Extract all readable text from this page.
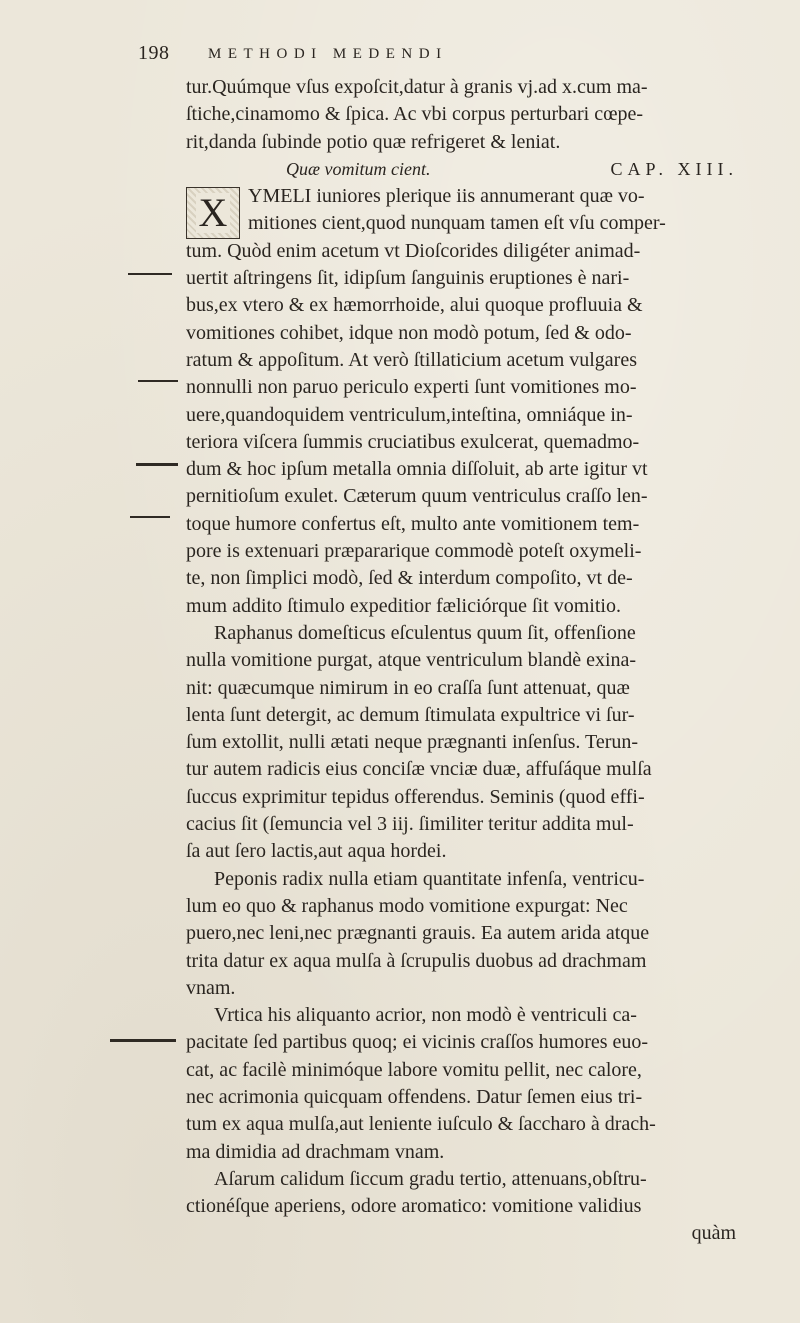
198	METHODI MEDENDI
tur.Quúmque vſus expoſcit,datur à granis vj.ad x.cum ma-
ſtiche,cinamomo & ſpica. Ac vbi corpus perturbari cœpe-
rit,danda ſubinde potio quæ refrigeret & leniat.
Quæ vomitum cient.	CAP. XIII.
X YMELI iuniores plerique iis annumerant quæ vo-
mitiones cient,quod nunquam tamen eſt vſu comper-
tum. Quòd enim acetum vt Dioſcorides diligéter animad-
uertit aſtringens ſit, idipſum ſanguinis eruptiones è nari-
bus,ex vtero & ex hæmorrhoide, alui quoque profluuia &
vomitiones cohibet, idque non modò potum, ſed & odo-
ratum & appoſitum. At verò ſtillaticium acetum vulgares
nonnulli non paruo periculo experti ſunt vomitiones mo-
uere,quandoquidem ventriculum,inteſtina, omniáque in-
teriora viſcera ſummis cruciatibus exulcerat, quemadmo-
dum & hoc ipſum metalla omnia diſſoluit, ab arte igitur vt
pernitioſum exulet. Cæterum quum ventriculus craſſo len-
toque humore confertus eſt, multo ante vomitionem tem-
pore is extenuari præpararique commodè poteſt oxymeli-
te, non ſimplici modò, ſed & interdum compoſito, vt de-
mum addito ſtimulo expeditior fæliciórque ſit vomitio.
Raphanus domeſticus eſculentus quum ſit, offenſione
nulla vomitione purgat, atque ventriculum blandè exina-
nit: quæcumque nimirum in eo craſſa ſunt attenuat, quæ
lenta ſunt detergit, ac demum ſtimulata expultrice vi ſur-
ſum extollit, nulli ætati neque prægnanti inſenſus. Terun-
tur autem radicis eius conciſæ vnciæ duæ, affuſáque mulſa
ſuccus exprimitur tepidus offerendus. Seminis (quod effi-
cacius ſit (ſemuncia vel 3 iij. ſimiliter teritur addita mul-
ſa aut ſero lactis,aut aqua hordei.
Peponis radix nulla etiam quantitate infenſa, ventricu-
lum eo quo & raphanus modo vomitione expurgat: Nec
puero,nec leni,nec prægnanti grauis. Ea autem arida atque
trita datur ex aqua mulſa à ſcrupulis duobus ad drachmam
vnam.
Vrtica his aliquanto acrior, non modò è ventriculi ca-
pacitate ſed partibus quoq; ei vicinis craſſos humores euo-
cat, ac facilè minimóque labore vomitu pellit, nec calore,
nec acrimonia quicquam offendens. Datur ſemen eius tri-
tum ex aqua mulſa,aut leniente iuſculo & ſaccharo à drach-
ma dimidia ad drachmam vnam.
Aſarum calidum ſiccum gradu tertio, attenuans,obſtru-
ctionéſque aperiens, odore aromatico: vomitione validius
quàm
